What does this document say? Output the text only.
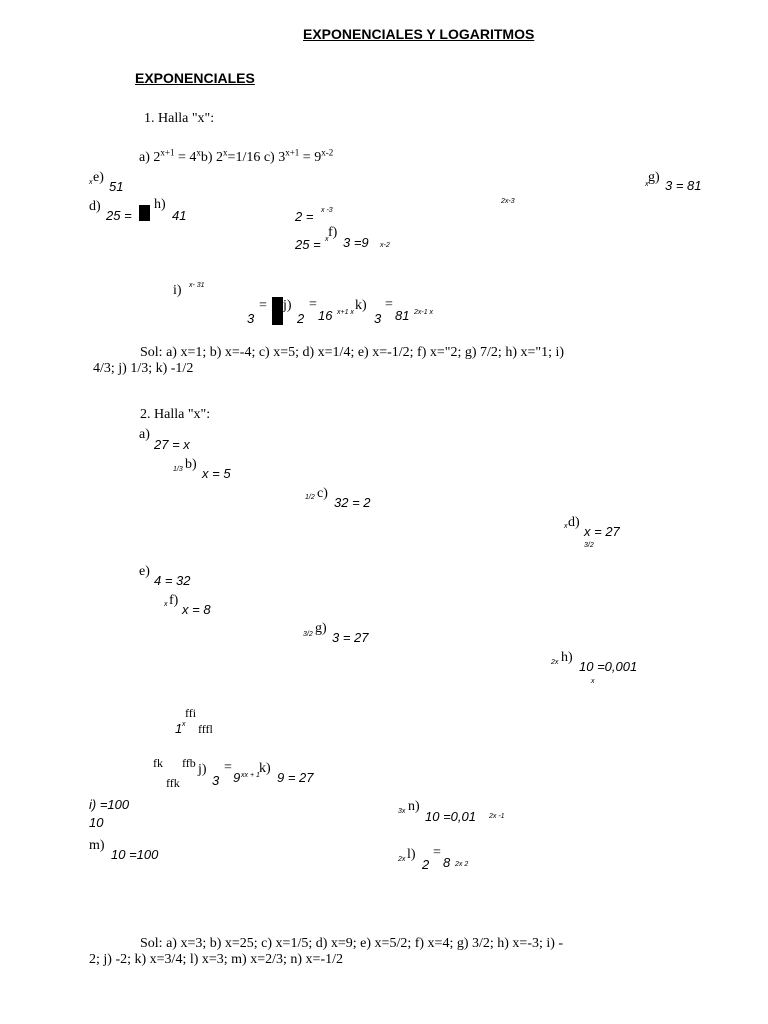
EXPONENCIALES Y LOGARITMOS
EXPONENCIALES
1. Halla "x":
a) $2^{x+1} = 4^xb$) $2^x=1/16$ c) $3^{x+1} = 9^{x-2}$
x e)
51
g)
x 3 = 81
d)
25 =
h)
41	2 = x -3
2x-3
f)
25 = x 3 =9 x-2
i) x- 31
= j) =	k) =
3	2 16 x+1 x 3 81 2x-1 x
Sol: a) x=1; b) x=-4; c) x=5; d) x=1/4; e) x=-1/2; f) x="2; g) 7/2; h) x="1; i)
4/3; j) 1/3; k) -1/2
2. Halla "x":
a)
27 = x
1/3 b)
x = 5
1/2 c)
32 = 2
x d)
x = 27
3/2
e)
4 = 32
x f)
x = 8
3/2 g)
3 = 27
2x h)
10 =0,001
x
ffi
1 x fffl
fk ffb j)
ffk 3
=
9 xx + 1 k)
9 = 27
i) =100
10
3x n)
10 =0,01 2x -1
m)
10 =100	2x l) =
2 8 2x 2
Sol: a) x=3; b) x=25; c) x=1/5; d) x=9; e) x=5/2; f) x=4; g) 3/2; h) x=-3; i) -
2; j) -2; k) x=3/4; l) x=3; m) x=2/3; n) x=-1/2
